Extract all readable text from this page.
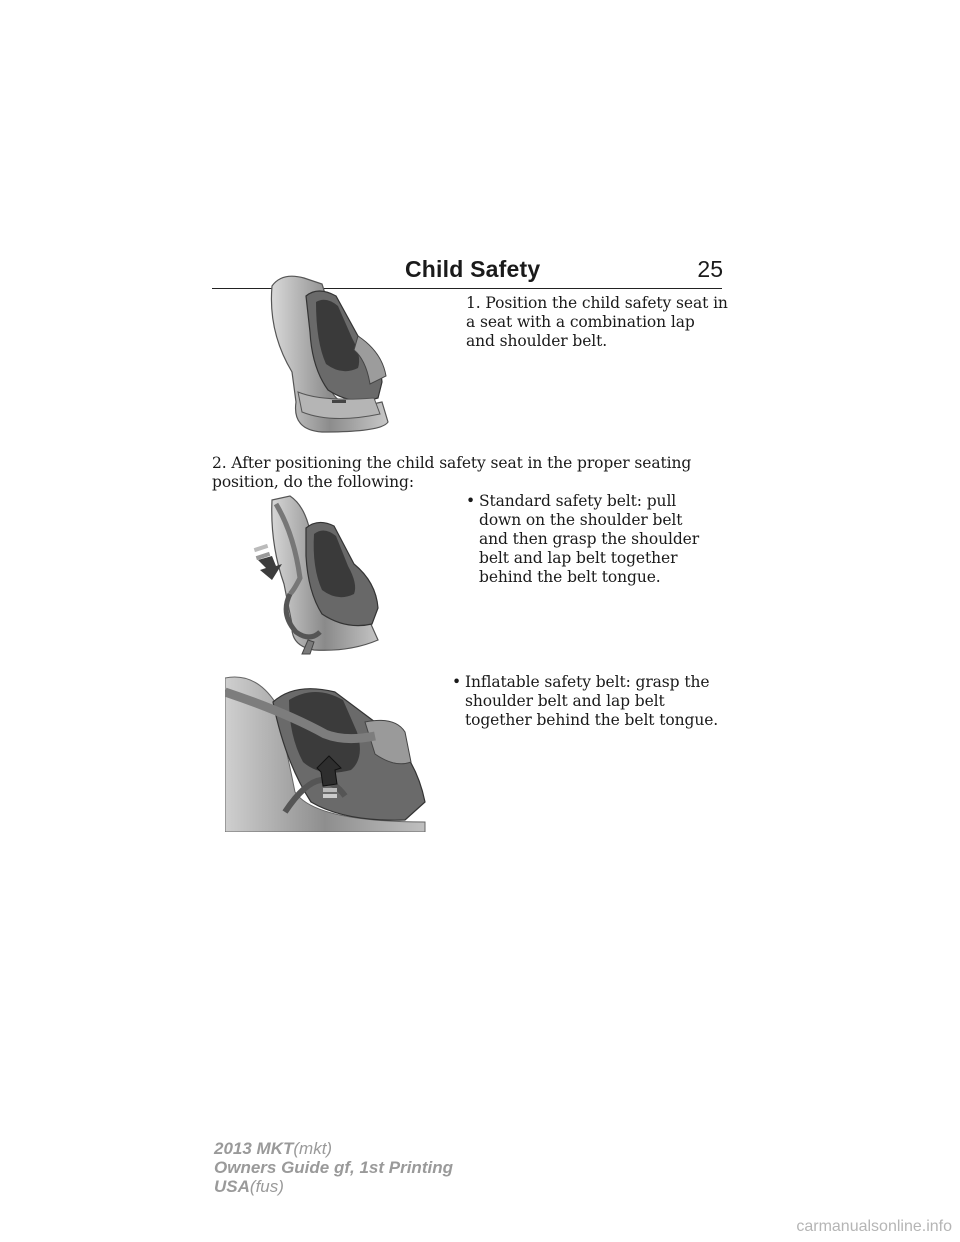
Child Safety	25
1. Position the child safety seat in a seat with a combination lap and shoulder belt.
2. After positioning the child safety seat in the proper seating position, do the following:
• Standard safety belt: pull down on the shoulder belt and then grasp the shoulder belt and lap belt together behind the belt tongue.
• Inflatable safety belt: grasp the shoulder belt and lap belt together behind the belt tongue.
2013 MKT(mkt)
Owners Guide gf, 1st Printing
USA(fus)
carmanualsonline.info
